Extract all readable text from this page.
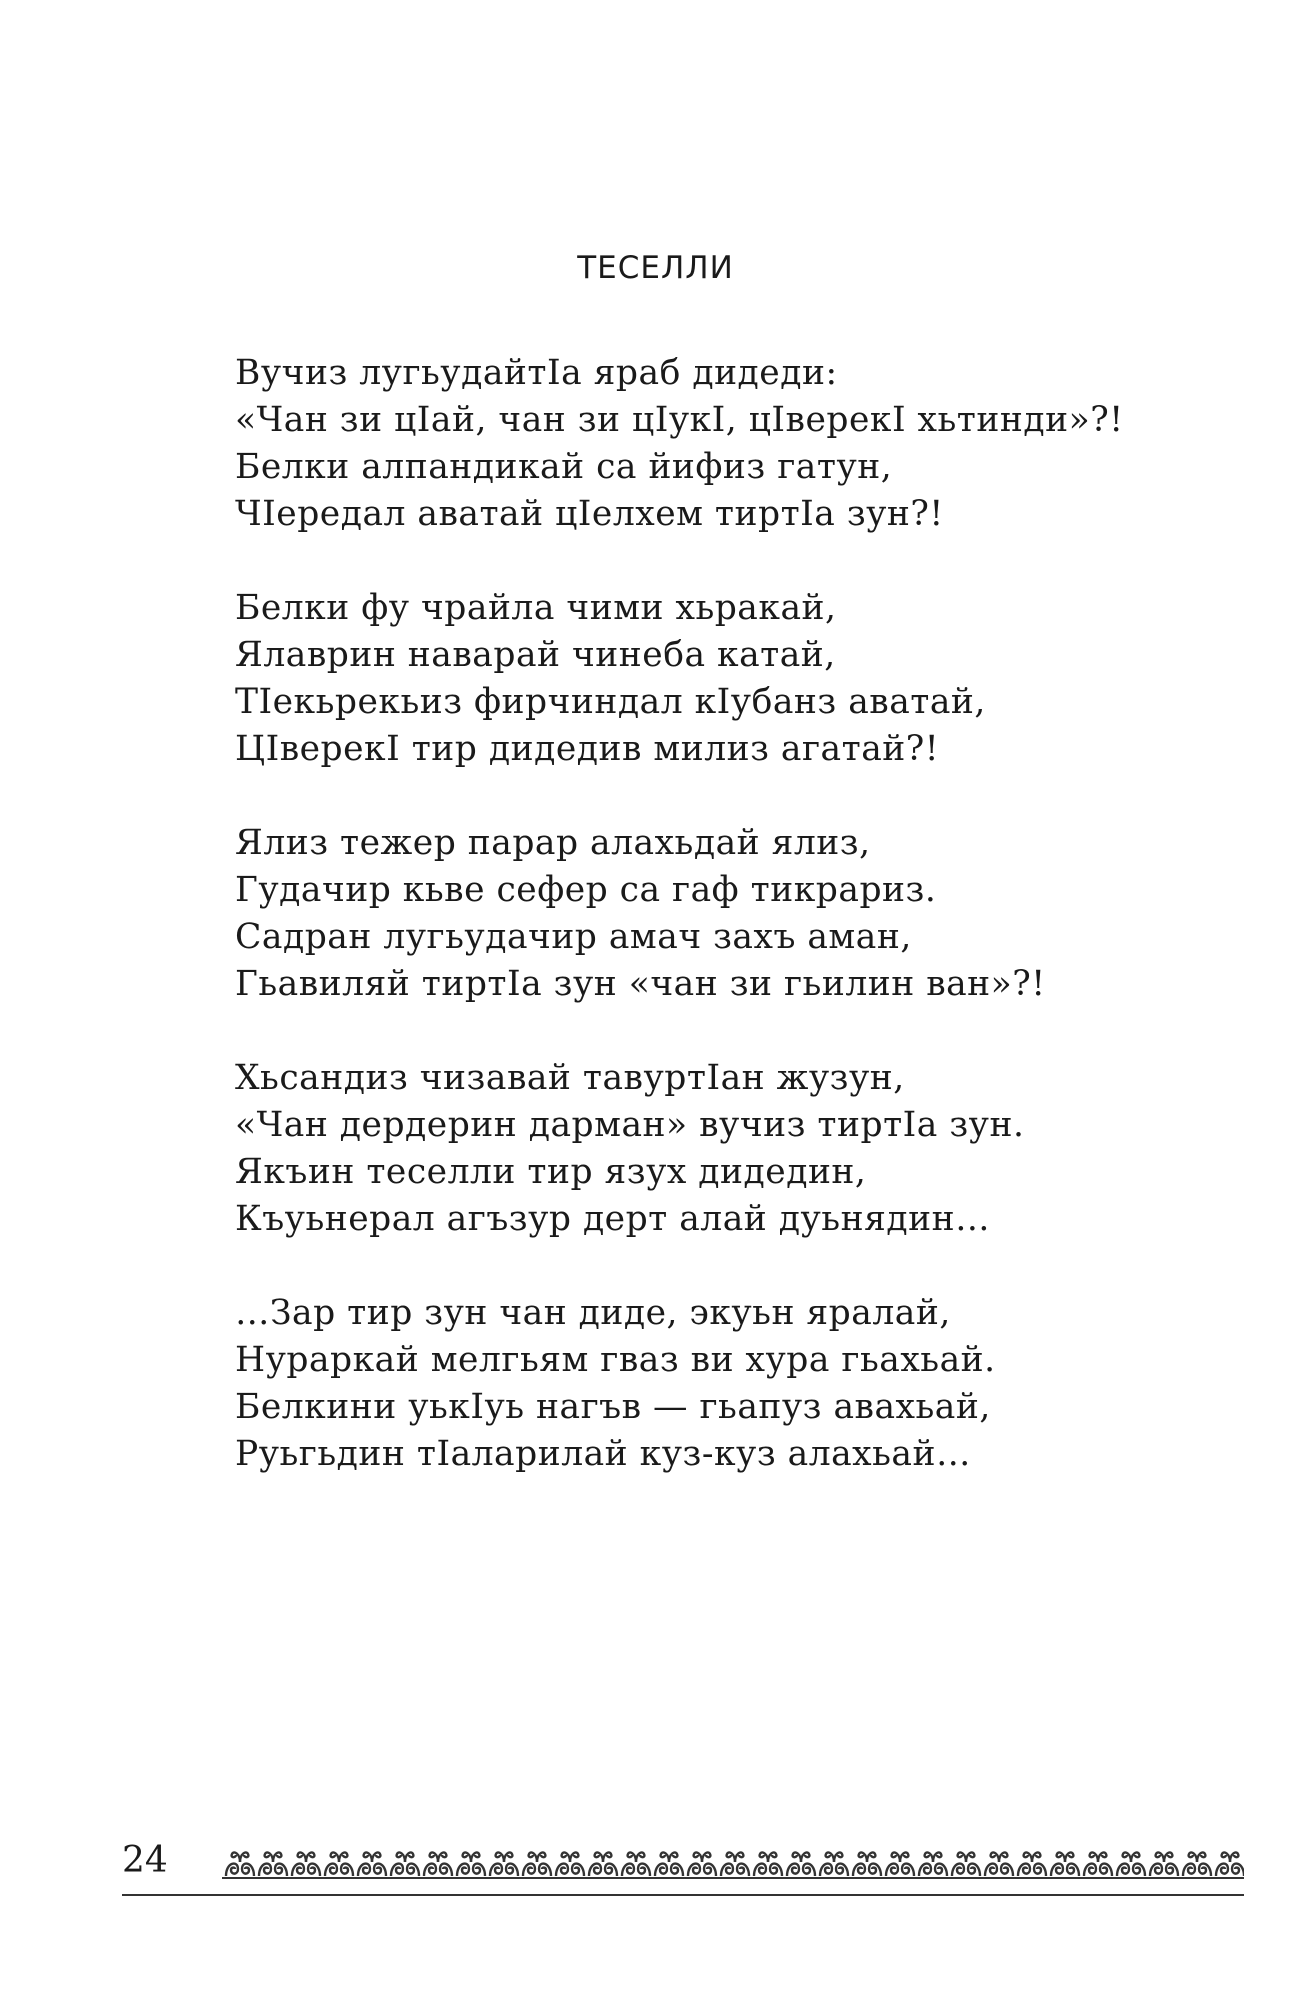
ТЕСЕЛЛИ
Вучиз лугьудайтIа яраб дидеди:
«Чан зи цIай, чан зи цIукI, цIверекI хьтинди»?!
Белки алпандикай са йифиз гатун,
ЧIередал аватай цIелхем тиртIа зун?!
Белки фу чрайла чими хьракай,
Ялаврин наварай чинеба катай,
ТIекьрекьиз фирчиндал кIубанз аватай,
ЦIверекI тир дидедив милиз агатай?!
Ялиз тежер парар алахьдай ялиз,
Гудачир кьве сефер са гаф тикрариз.
Садран лугьудачир амач захъ аман,
Гьавиляй тиртIа зун «чан зи гьилин ван»?!
Хьсандиз чизавай тавуртIан жузун,
«Чан дердерин дарман» вучиз тиртIа зун.
Якъин теселли тир язух дидедин,
Къуьнерал агъзур дерт алай дуьнядин…
…Зар тир зун чан диде, экуьн яралай,
Нураркай мелгьям гваз ви хура гьахьай.
Белкини уькIуь нагъв — гьапуз авахьай,
Руьгьдин тIаларилай куз-куз алахьай…
24
